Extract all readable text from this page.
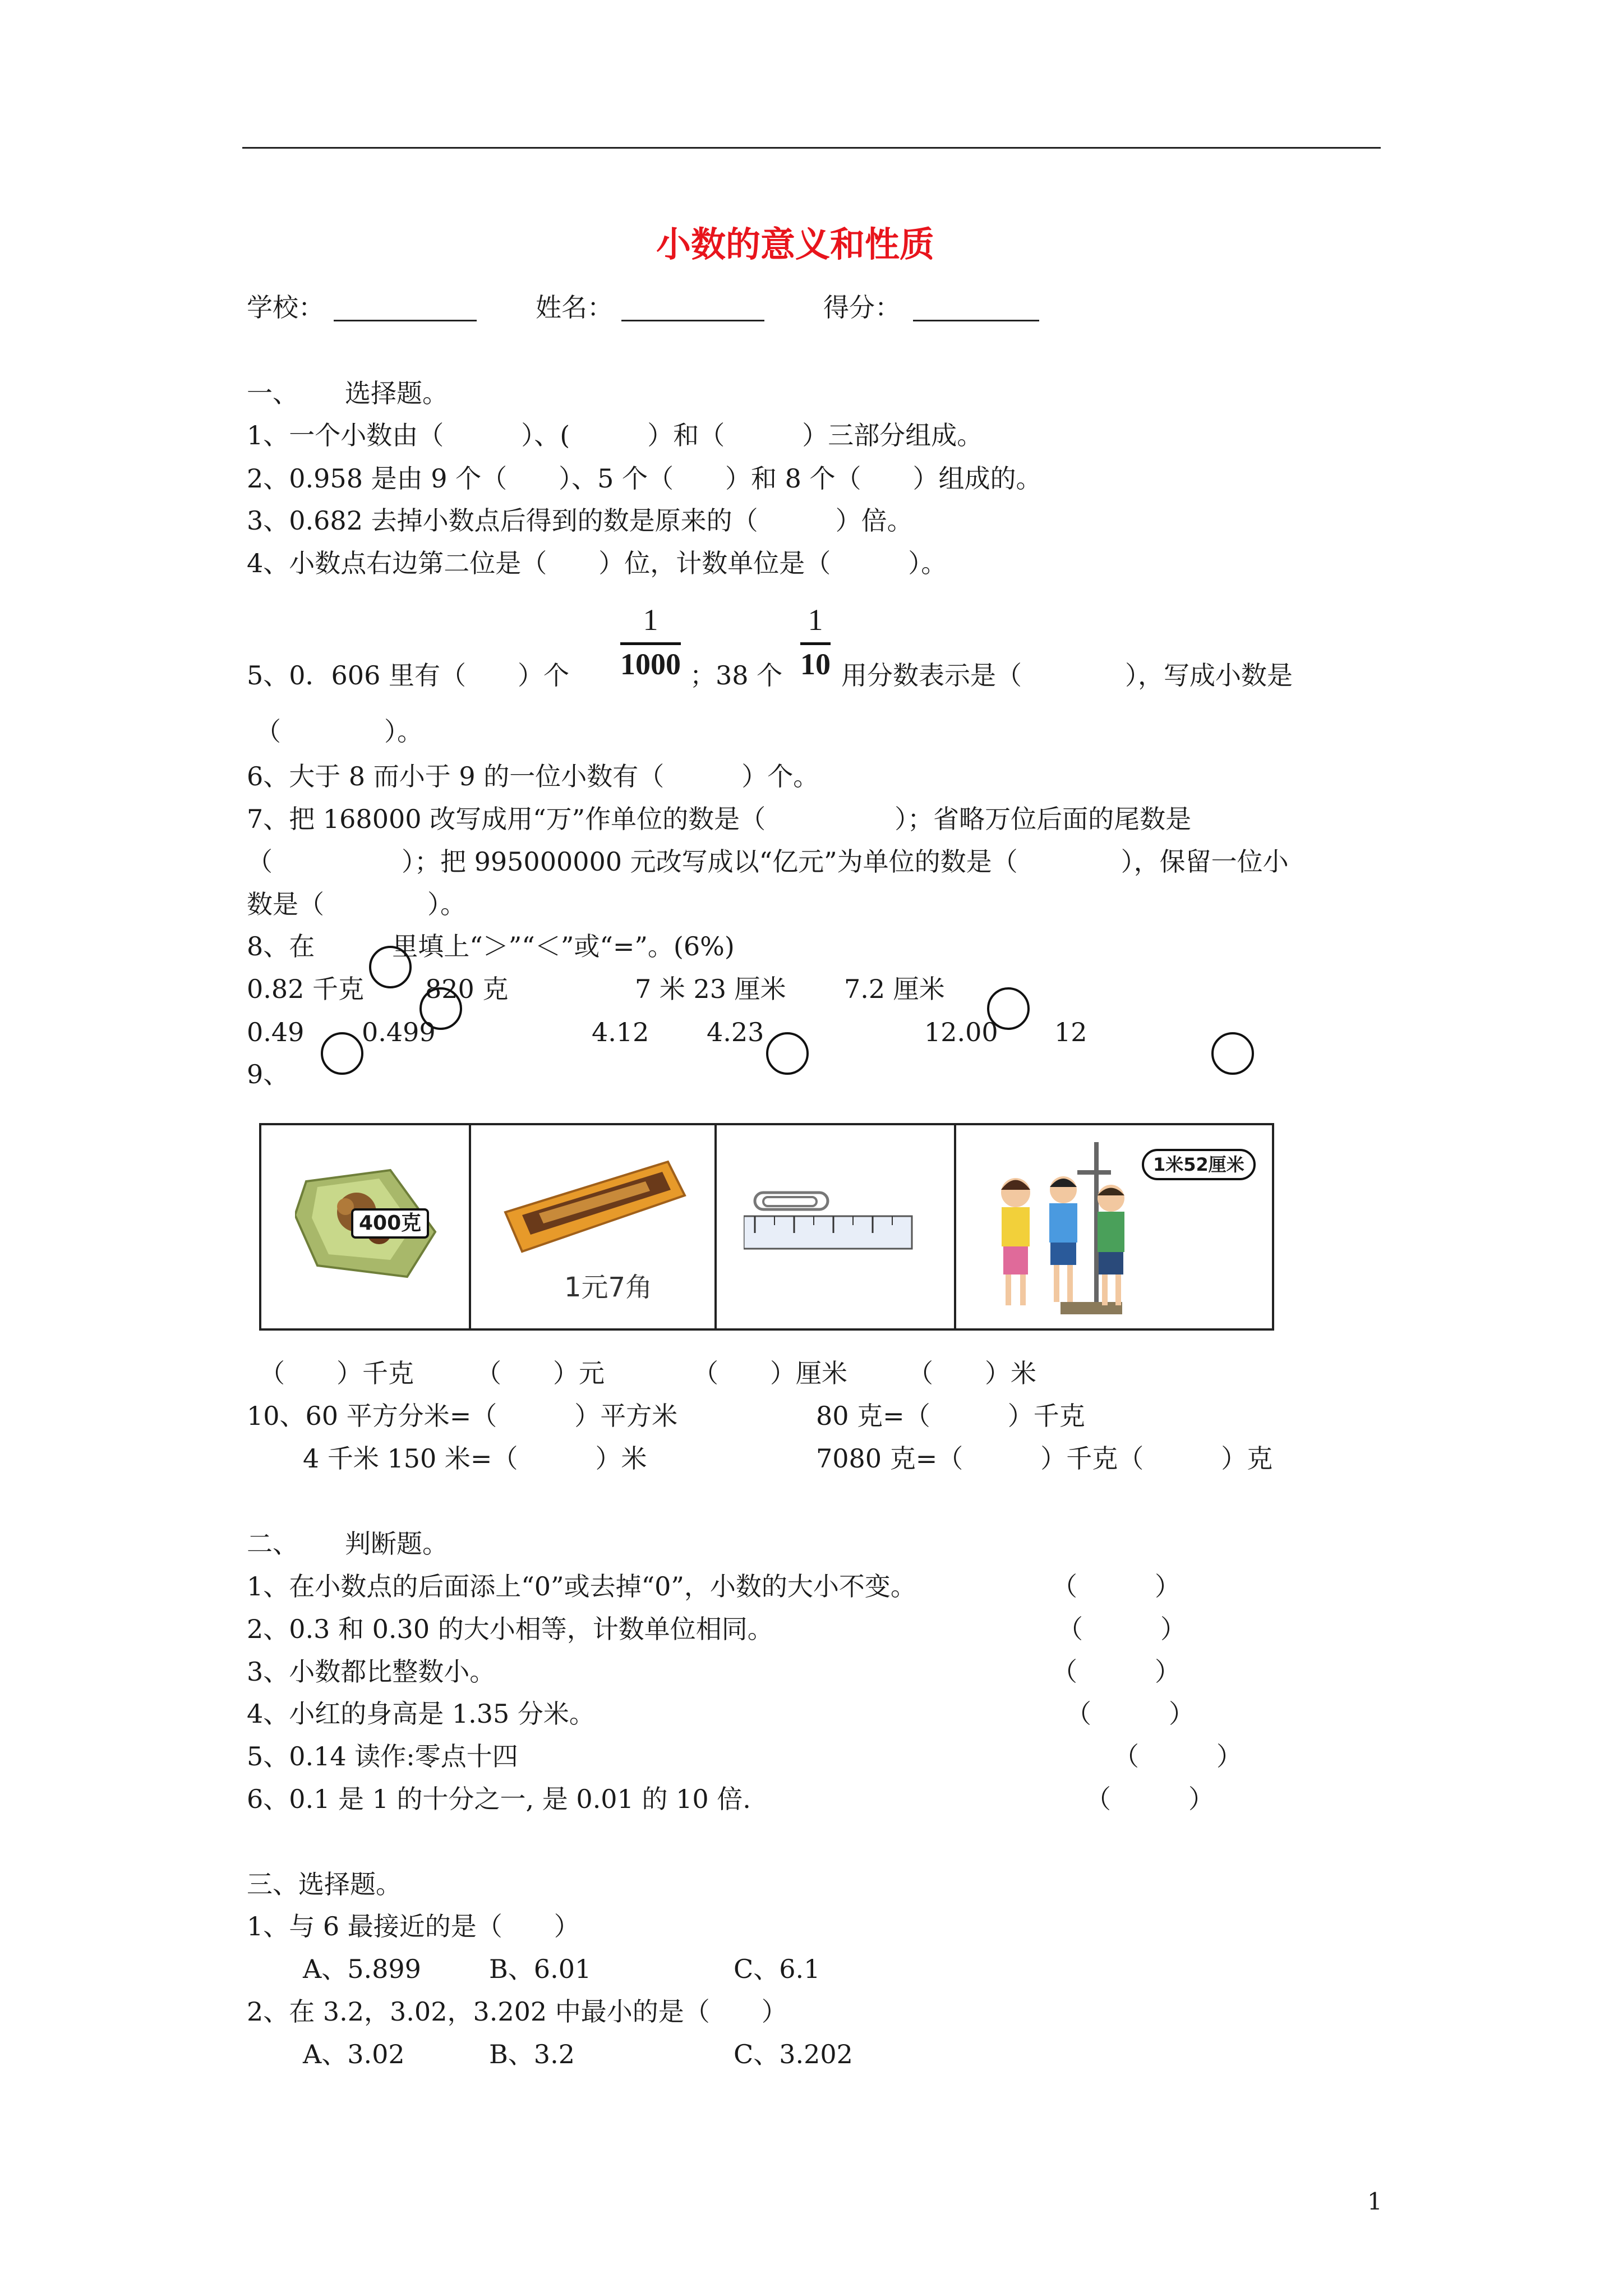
小数的意义和性质
学校：	姓名：	得分：
一、 选择题。
1、一个小数由（　　　）、(　　　）和（　　　）三部分组成。
2、0.958 是由 9 个（　　）、5 个（　　）和 8 个（　　）组成的。
3、0.682 去掉小数点后得到的数是原来的（　　　）倍。
4、小数点右边第二位是（　　）位，计数单位是（　　　）。
5、0．606 里有（　　）个 $\frac{1}{1000}$ ；38 个 $\frac{1}{10}$ 用分数表示是（　　　　），写成小数是
（　　　　）。
6、大于 8 而小于 9 的一位小数有（　　　）个。
7、把 168000 改写成用“万”作单位的数是（　　　　　）；省略万位后面的尾数是
（　　　　　）；把 995000000 元改写成以“亿元”为单位的数是（　　　　），保留一位小
数是（　　　　）。
8、在　　　里填上“＞”“＜”或“=”。(6%)
0.82 千克 820 克	7 米 23 厘米 7.2 厘米
0.49 0.499	4.12 4.23	12.00 12
9、
400克
1元7角
1米52厘米
（　　）千克 （　　）元	（　　）厘米 （　　）米
10、60 平方分米=（　　　）平方米	80 克=（　　　）千克
4 千米 150 米=（　　　）米	7080 克=（　　　）千克（　　　）克
二、 判断题。
1、在小数点的后面添上“0”或去掉“0”，小数的大小不变。	（　　　）
2、0.3 和 0.30 的大小相等，计数单位相同。	（　　　）
3、小数都比整数小。	（　　　）
4、小红的身高是 1.35 分米。	（　　　）
5、0.14 读作:零点十四	（　　　）
6、0.1 是 1 的十分之一, 是 0.01 的 10 倍.	（　　　）
三、选择题。
1、与 6 最接近的是（　　）
A、5.899	B、6.01	C、6.1
2、在 3.2，3.02，3.202 中最小的是（　　）
A、3.02	B、3.2	C、3.202
1
